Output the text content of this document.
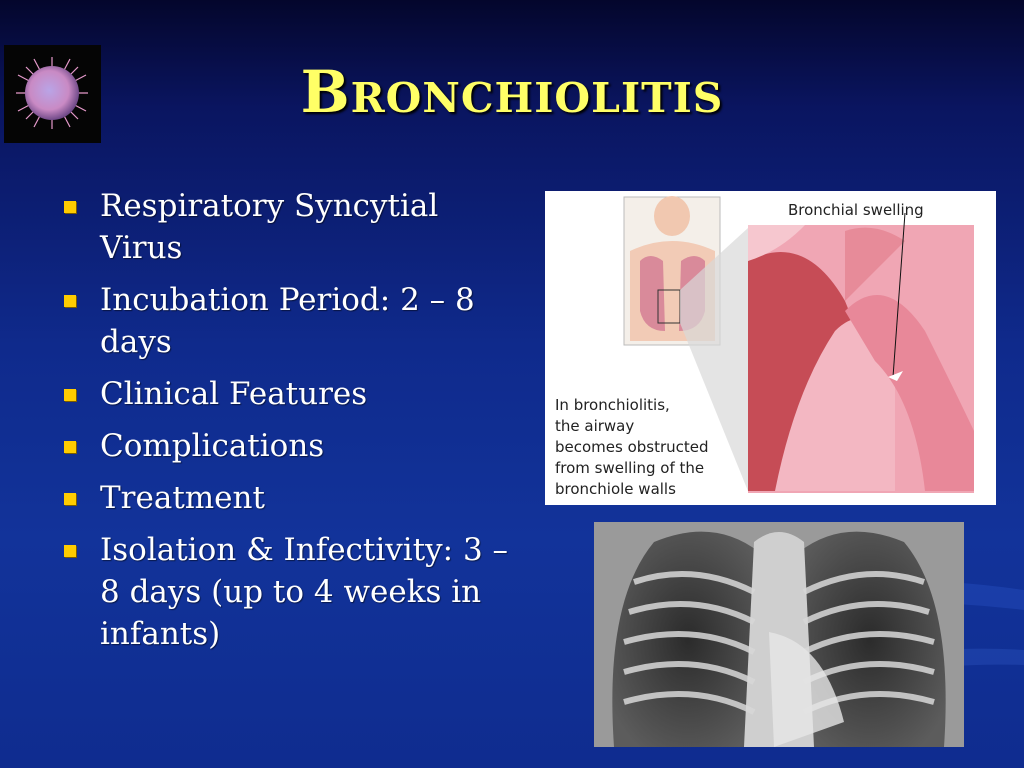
Bronchiolitis
Respiratory Syncytial Virus
Incubation Period: 2 – 8 days
Clinical Features
Complications
Treatment
Isolation & Infectivity: 3 – 8 days (up to 4 weeks in infants)

Bronchial swelling

In bronchiolitis,
the airway
becomes obstructed
from swelling of the
bronchiole walls
